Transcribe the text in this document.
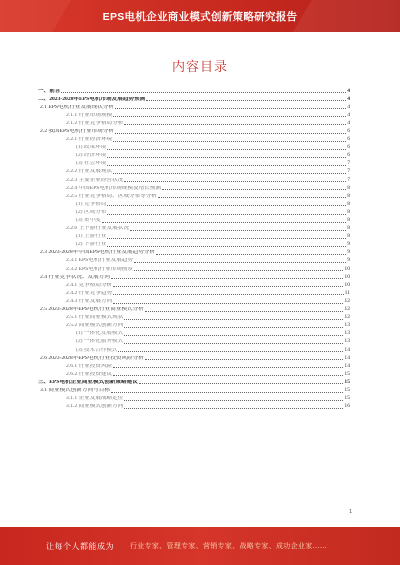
EPS电机企业商业模式创新策略研究报告
内容目录
一、前言	4
二、2023-2028年EPS电机市场发展趋势预测	4
2.1 EPS电机行业发展现状分析	4
2.1.1 行业市场规模	4
2.1.2 行业竞争格局分析	4
2.2 我国EPS电机行业市场分析	6
2.2.1 行业经济环境	6
(1) 政策环境	6
(2) 经济环境	6
(3) 社会环境	7
2.2.2 行业发展现状	7
2.2.3 主要企业经营状况	7
2.2.4 中国EPS电机市场规模及增长预测	8
2.2.5 行业竞争格局、区域分布等分析	8
(1) 竞争格局	8
(2) 区域分布	8
(3) 集中度	8
2.2.6 上下游行业发展状况	8
(1) 上游行业	8
(2) 下游行业	9
2.3 2023-2028年中国EPS电机行业发展趋势分析	9
2.3.1 EPS电机行业发展趋势	9
2.3.2 EPS电机行业市场前景	10
2.4 行业竞争状况、发展方向	10
2.4.1 竞争格局分析	10
2.4.2 行业竞争趋势	11
2.4.3 行业发展方向	12
2.5 2023-2028年EPS电机行业商业模式分析	12
2.5.1 行业商业模式现状	12
2.5.2 商业模式创新方向	13
(1) 一体化发展模式	13
(2) 一体化服务模式	13
(3) 技术合作模式	14
2.6 2023-2028年EPS电机行业投资风险分析	14
2.6.1 行业投资风险	14
2.6.2 行业投资建议	15
三、EPS电机企业商业模式创新策略建议	15
3.1 商业模式创新方向与目标	15
3.1.1 企业发展战略定位	15
3.1.2 商业模式创新方向	16
1
让每个人都能成为 行业专家、管理专家、营销专家、战略专家、成功企业家……
